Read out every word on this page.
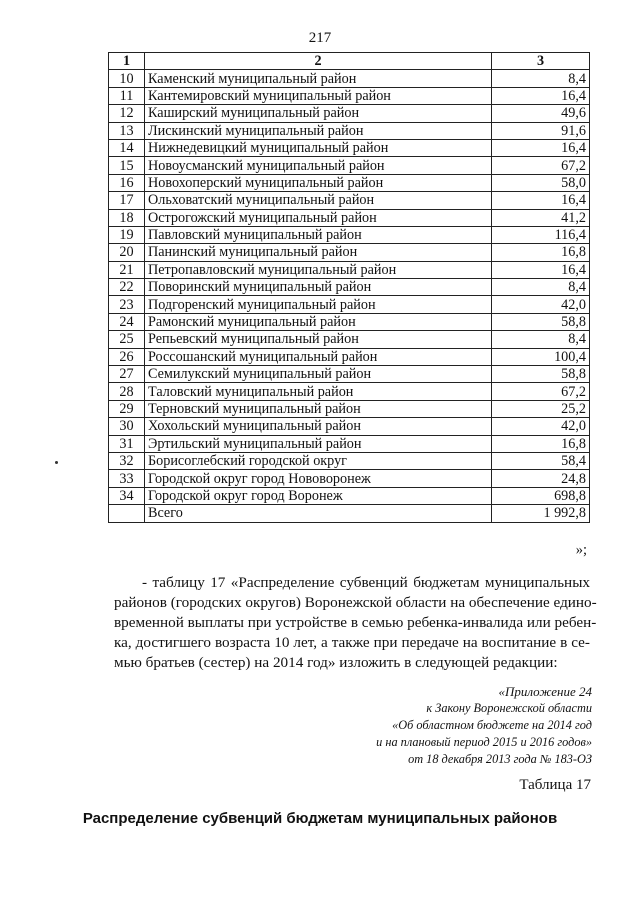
217
1	2	3
10	Каменский муниципальный район	8,4
11	Кантемировский муниципальный район	16,4
12	Каширский муниципальный район	49,6
13	Лискинский муниципальный район	91,6
14	Нижнедевицкий муниципальный район	16,4
15	Новоусманский муниципальный район	67,2
16	Новохоперский муниципальный район	58,0
17	Ольховатский муниципальный район	16,4
18	Острогожский муниципальный район	41,2
19	Павловский муниципальный район	116,4
20	Панинский муниципальный район	16,8
21	Петропавловский муниципальный район	16,4
22	Поворинский муниципальный район	8,4
23	Подгоренский муниципальный район	42,0
24	Рамонский муниципальный район	58,8
25	Репьевский муниципальный район	8,4
26	Россошанский муниципальный район	100,4
27	Семилукский муниципальный район	58,8
28	Таловский муниципальный район	67,2
29	Терновский муниципальный район	25,2
30	Хохольский муниципальный район	42,0
31	Эртильский муниципальный район	16,8
32	Борисоглебский городской округ	58,4
33	Городской округ город Нововоронеж	24,8
34	Городской округ город Воронеж	698,8
	Всего	1 992,8
»;
- таблицу 17 «Распределение субвенций бюджетам муниципальных
районов (городских округов) Воронежской области на обеспечение едино-
временной выплаты при устройстве в семью ребенка-инвалида или ребен-
ка, достигшего возраста 10 лет, а также при передаче на воспитание в се-
мью братьев (сестер) на 2014 год» изложить в следующей редакции:
«Приложение 24
к Закону Воронежской области
«Об областном бюджете на 2014 год
и на плановый период 2015 и 2016 годов»
от 18 декабря 2013 года № 183-ОЗ
Таблица 17
Распределение субвенций бюджетам муниципальных районов
